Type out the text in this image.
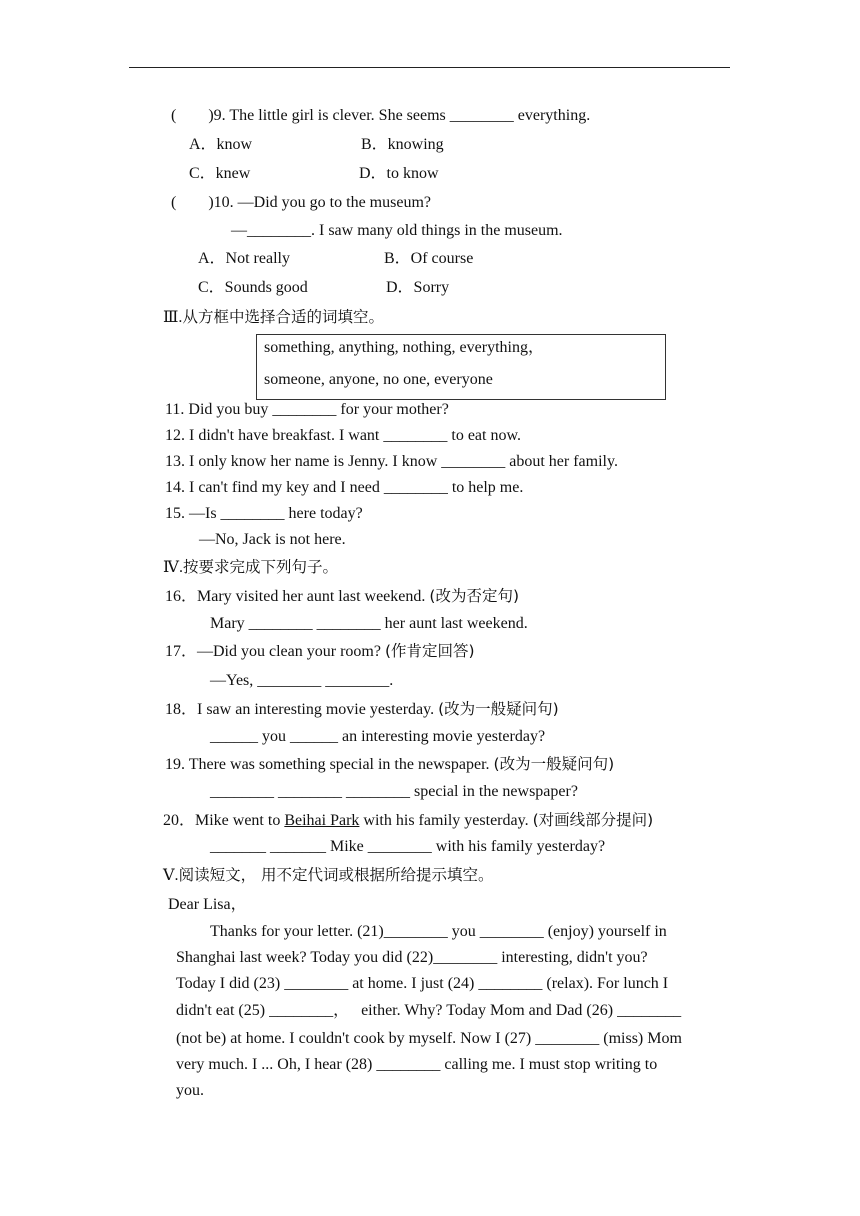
(　　)9. The little girl is clever. She seems ________ everything.
A．know	B．knowing
C．knew	D．to know
(　　)10. —Did you go to the museum?
—________. I saw many old things in the museum.
A．Not really	B．Of course
C．Sounds good	D．Sorry
Ⅲ.从方框中选择合适的词填空。
something, anything, nothing, everything，
someone, anyone, no one, everyone
11. Did you buy ________ for your mother?
12. I didn't have breakfast. I want ________ to eat now.
13. I only know her name is Jenny. I know ________ about her family.
14. I can't find my key and I need ________ to help me.
15. —Is ________ here today?
—No, Jack is not here.
Ⅳ.按要求完成下列句子。
16．Mary visited her aunt last weekend. (改为否定句)
Mary ________ ________ her aunt last weekend.
17．—Did you clean your room? (作肯定回答)
—Yes, ________ ________.
18．I saw an interesting movie yesterday. (改为一般疑问句)
______ you ______ an interesting movie yesterday?
19. There was something special in the newspaper. (改为一般疑问句)
________ ________ ________ special in the newspaper?
20．Mike went to Beihai Park with his family yesterday. (对画线部分提问)
_______ _______ Mike ________ with his family yesterday?
Ⅴ.阅读短文， 用不定代词或根据所给提示填空。
Dear Lisa，
Thanks for your letter. (21)________ you ________ (enjoy) yourself in
Shanghai last week? Today you did (22)________ interesting, didn't you?
Today I did (23) ________ at home. I just (24) ________ (relax). For lunch I
didn't eat (25) ________，   either. Why? Today Mom and Dad (26) ________
(not be) at home. I couldn't cook by myself. Now I (27) ________ (miss) Mom
very much. I ... Oh, I hear (28) ________ calling me. I must stop writing to
you.
